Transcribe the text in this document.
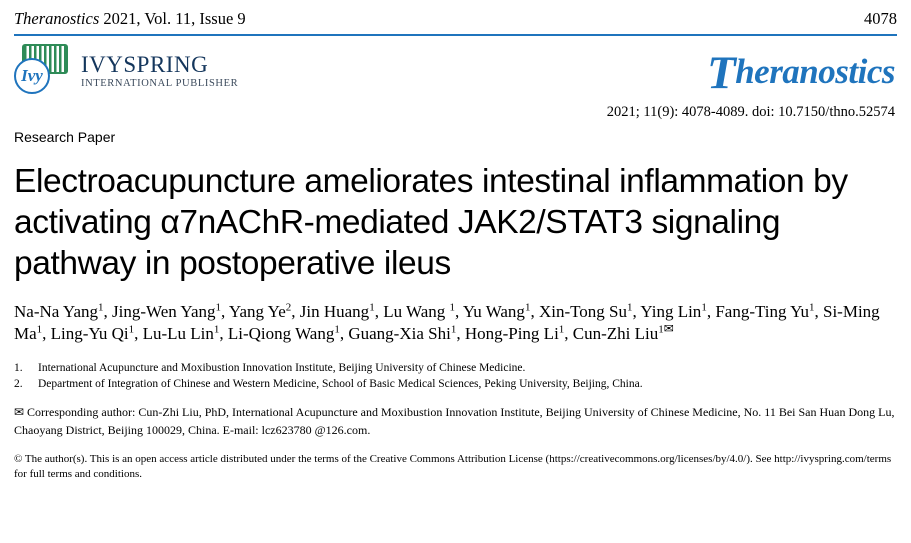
Theranostics 2021, Vol. 11, Issue 9	4078
Ivy IVYSPRING
INTERNATIONAL PUBLISHER	Theranostics
2021; 11(9): 4078-4089. doi: 10.7150/thno.52574
Research Paper
Electroacupuncture ameliorates intestinal inflammation by activating α7nAChR-mediated JAK2/STAT3 signaling pathway in postoperative ileus
Na-Na Yang$^1$, Jing-Wen Yang$^1$, Yang Ye$^2$, Jin Huang$^1$, Lu Wang $^1$, Yu Wang$^1$, Xin-Tong Su$^1$, Ying Lin$^1$, Fang-Ting Yu$^1$, Si-Ming Ma$^1$, Ling-Yu Qi$^1$, Lu-Lu Lin$^1$, Li-Qiong Wang$^1$, Guang-Xia Shi$^1$, Hong-Ping Li$^1$, Cun-Zhi Liu$^{1✉}$
1.	International Acupuncture and Moxibustion Innovation Institute, Beijing University of Chinese Medicine.
2.	Department of Integration of Chinese and Western Medicine, School of Basic Medical Sciences, Peking University, Beijing, China.
✉ Corresponding author: Cun-Zhi Liu, PhD, International Acupuncture and Moxibustion Innovation Institute, Beijing University of Chinese Medicine, No. 11 Bei San Huan Dong Lu, Chaoyang District, Beijing 100029, China. E-mail: lcz623780 @126.com.
© The author(s). This is an open access article distributed under the terms of the Creative Commons Attribution License (https://creativecommons.org/licenses/by/4.0/). See http://ivyspring.com/terms for full terms and conditions.
